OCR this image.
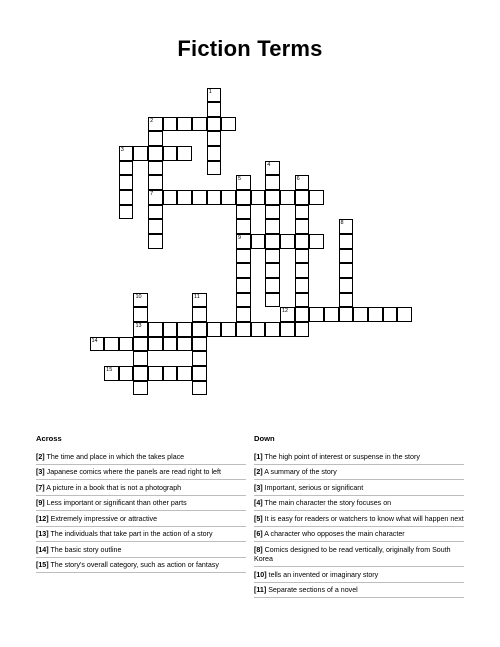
Fiction Terms
1
2
7
3
4
5
9
6
8
10
13
11
12
14
15
Across
[2] The time and place in which the takes place
[3] Japanese comics where the panels are read right to left
[7] A picture in a book that is not a photograph
[9] Less important or significant than other parts
[12] Extremely impressive or attractive
[13] The individuals that take part in the action of a story
[14] The basic story outline
[15] The story's overall category, such as action or fantasy
Down
[1] The high point of interest or suspense in the story
[2] A summary of the story
[3] Important, serious or significant
[4] The main character the story focuses on
[5] It is easy for readers or watchers to know what will happen next
[6] A character who opposes the main character
[8] Comics designed to be read vertically, originally from South Korea
[10] tells an invented or imaginary story
[11] Separate sections of a novel
